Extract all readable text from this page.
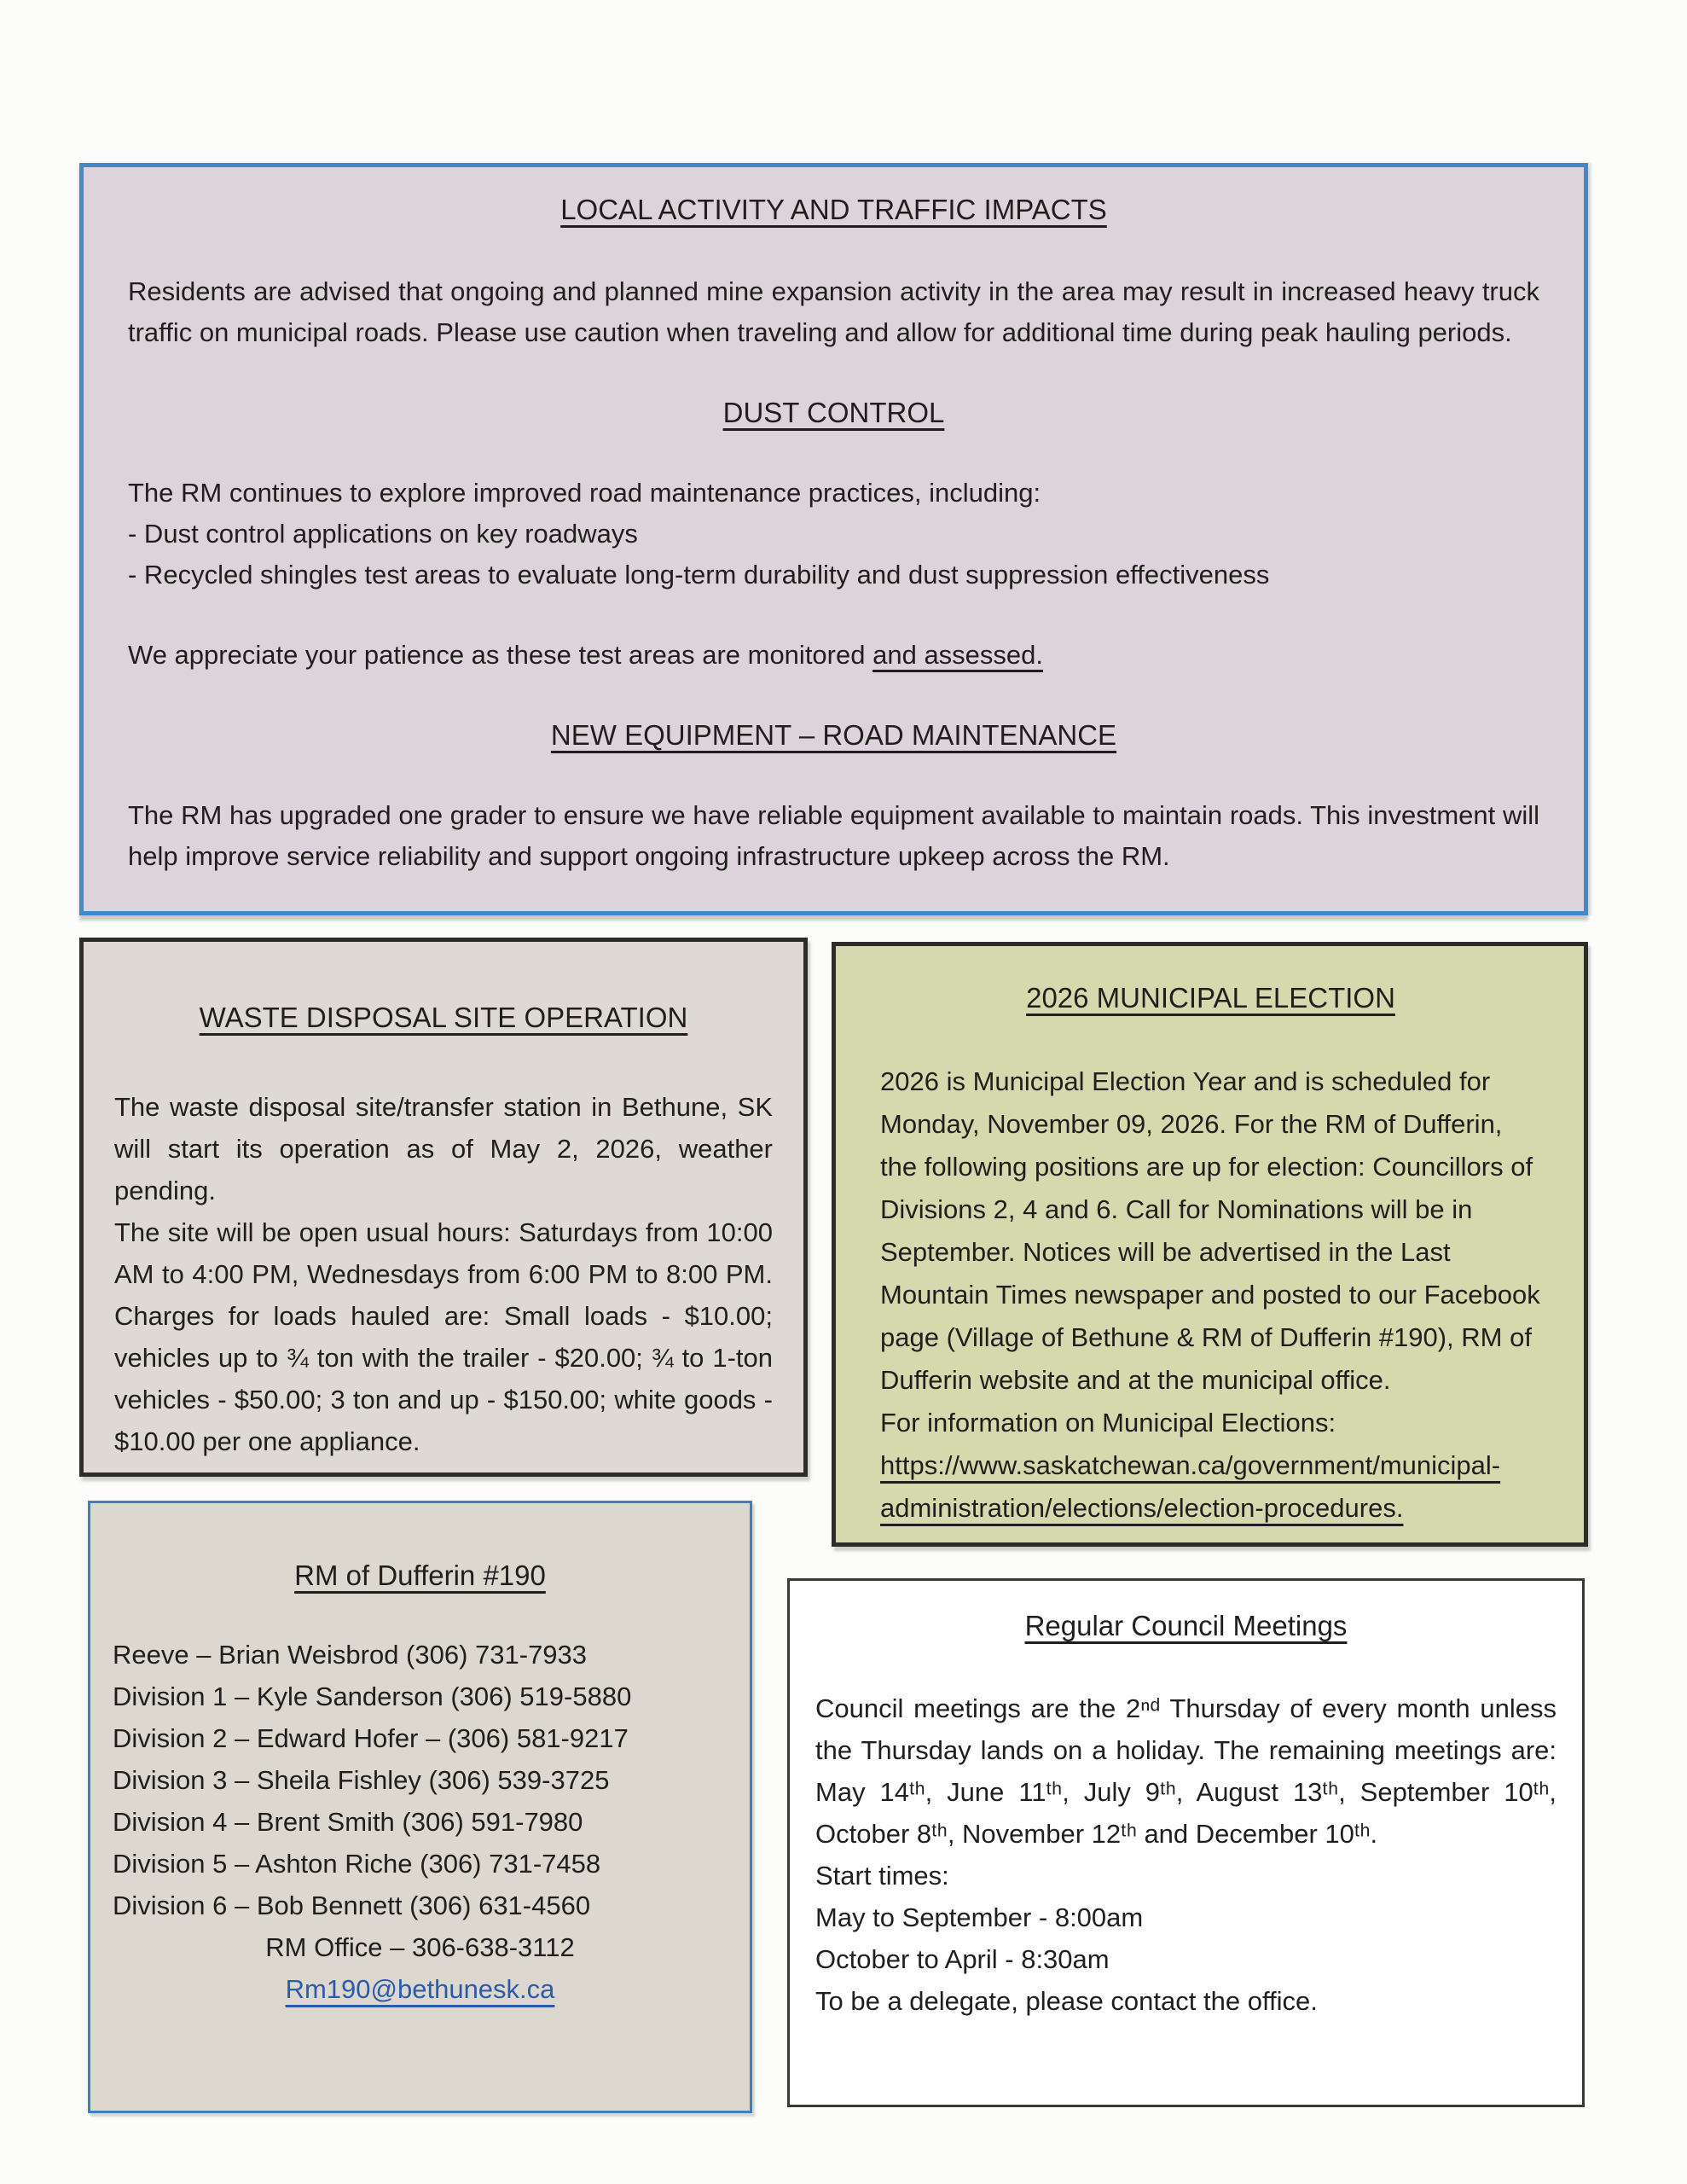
LOCAL ACTIVITY AND TRAFFIC IMPACTS

Residents are advised that ongoing and planned mine expansion activity in the area may result in increased heavy truck traffic on municipal roads. Please use caution when traveling and allow for additional time during peak hauling periods.

DUST CONTROL

The RM continues to explore improved road maintenance practices, including:

- Dust control applications on key roadways

- Recycled shingles test areas to evaluate long-term durability and dust suppression effectiveness

We appreciate your patience as these test areas are monitored and assessed.

NEW EQUIPMENT – ROAD MAINTENANCE

The RM has upgraded one grader to ensure we have reliable equipment available to maintain roads. This investment will help improve service reliability and support ongoing infrastructure upkeep across the RM.

WASTE DISPOSAL SITE OPERATION

The waste disposal site/transfer station in Bethune, SK will start its operation as of May 2, 2026, weather pending.

The site will be open usual hours: Saturdays from 10:00 AM to 4:00 PM, Wednesdays from 6:00 PM to 8:00 PM. Charges for loads hauled are: Small loads - $10.00; vehicles up to ¾ ton with the trailer - $20.00; ¾ to 1-ton vehicles - $50.00; 3 ton and up - $150.00; white goods - $10.00 per one appliance.

2026 MUNICIPAL ELECTION

2026 is Municipal Election Year and is scheduled for Monday, November 09, 2026. For the RM of Dufferin, the following positions are up for election: Councillors of Divisions 2, 4 and 6. Call for Nominations will be in September. Notices will be advertised in the Last Mountain Times newspaper and posted to our Facebook page (Village of Bethune & RM of Dufferin #190), RM of Dufferin website and at the municipal office.

For information on Municipal Elections:

https://www.saskatchewan.ca/government/municipal-administration/elections/election-procedures.
RM of Dufferin #190

Reeve – Brian Weisbrod (306) 731-7933

Division 1 – Kyle Sanderson (306) 519-5880

Division 2 – Edward Hofer – (306) 581-9217

Division 3 – Sheila Fishley (306) 539-3725

Division 4 – Brent Smith (306) 591-7980

Division 5 – Ashton Riche (306) 731-7458

Division 6 – Bob Bennett (306) 631-4560

RM Office – 306-638-3112

Rm190@bethunesk.ca
Regular Council Meetings

Council meetings are the 2ⁿᵈ Thursday of every month unless the Thursday lands on a holiday. The remaining meetings are: May 14ᵗʰ, June 11ᵗʰ, July 9ᵗʰ, August 13ᵗʰ, September 10ᵗʰ, October 8ᵗʰ, November 12ᵗʰ and December 10ᵗʰ.

Start times:

May to September - 8:00am

October to April - 8:30am

To be a delegate, please contact the office.
